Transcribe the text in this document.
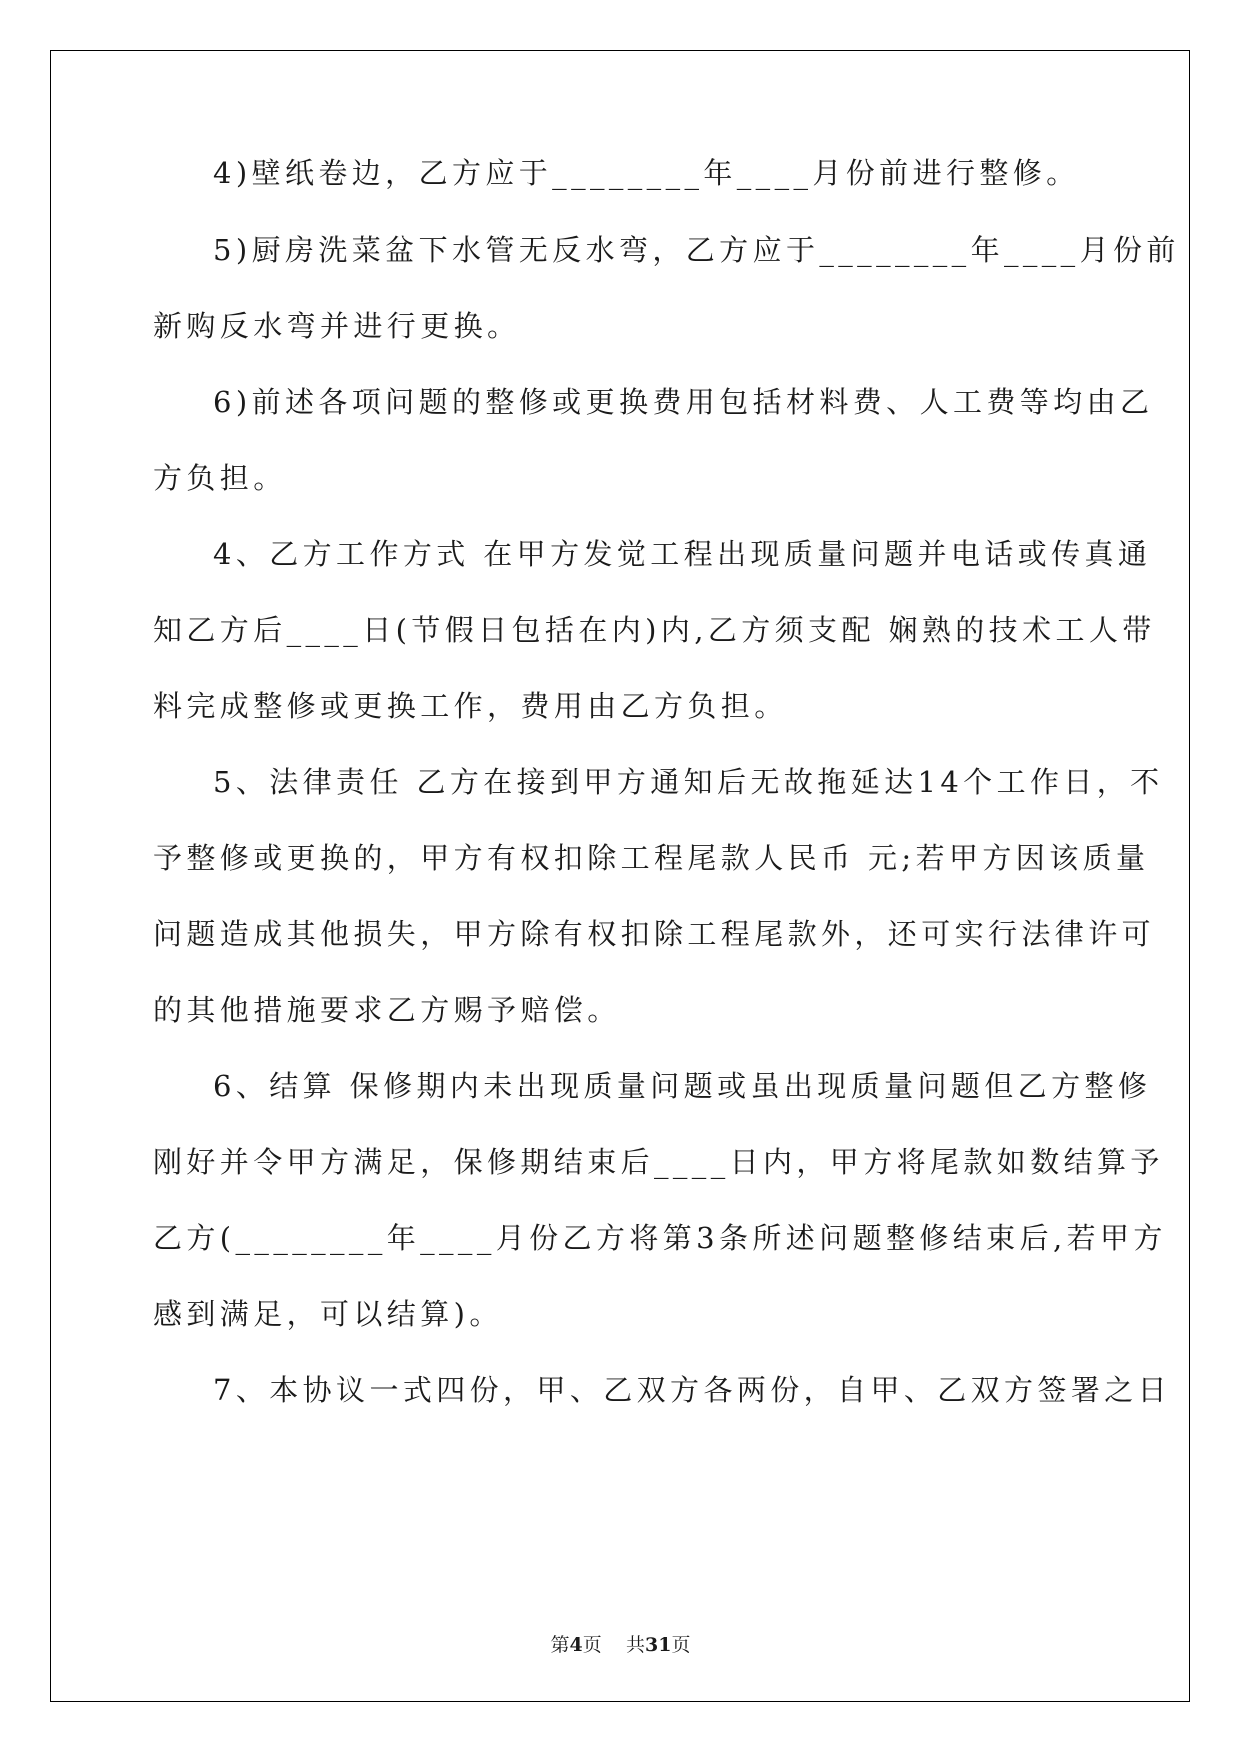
4)壁纸卷边，乙方应于________年____月份前进行整修。
5)厨房洗菜盆下水管无反水弯，乙方应于________年____月份前
新购反水弯并进行更换。
6)前述各项问题的整修或更换费用包括材料费、人工费等均由乙
方负担。
4、乙方工作方式 在甲方发觉工程出现质量问题并电话或传真通
知乙方后____日(节假日包括在内)内,乙方须支配 娴熟的技术工人带
料完成整修或更换工作，费用由乙方负担。
5、法律责任 乙方在接到甲方通知后无故拖延达14个工作日，不
予整修或更换的，甲方有权扣除工程尾款人民币 元;若甲方因该质量
问题造成其他损失，甲方除有权扣除工程尾款外，还可实行法律许可
的其他措施要求乙方赐予赔偿。
6、结算 保修期内未出现质量问题或虽出现质量问题但乙方整修
刚好并令甲方满足，保修期结束后____日内，甲方将尾款如数结算予
乙方(________年____月份乙方将第3条所述问题整修结束后,若甲方
感到满足，可以结算)。
7、本协议一式四份，甲、乙双方各两份，自甲、乙双方签署之日
第4页 共31页
